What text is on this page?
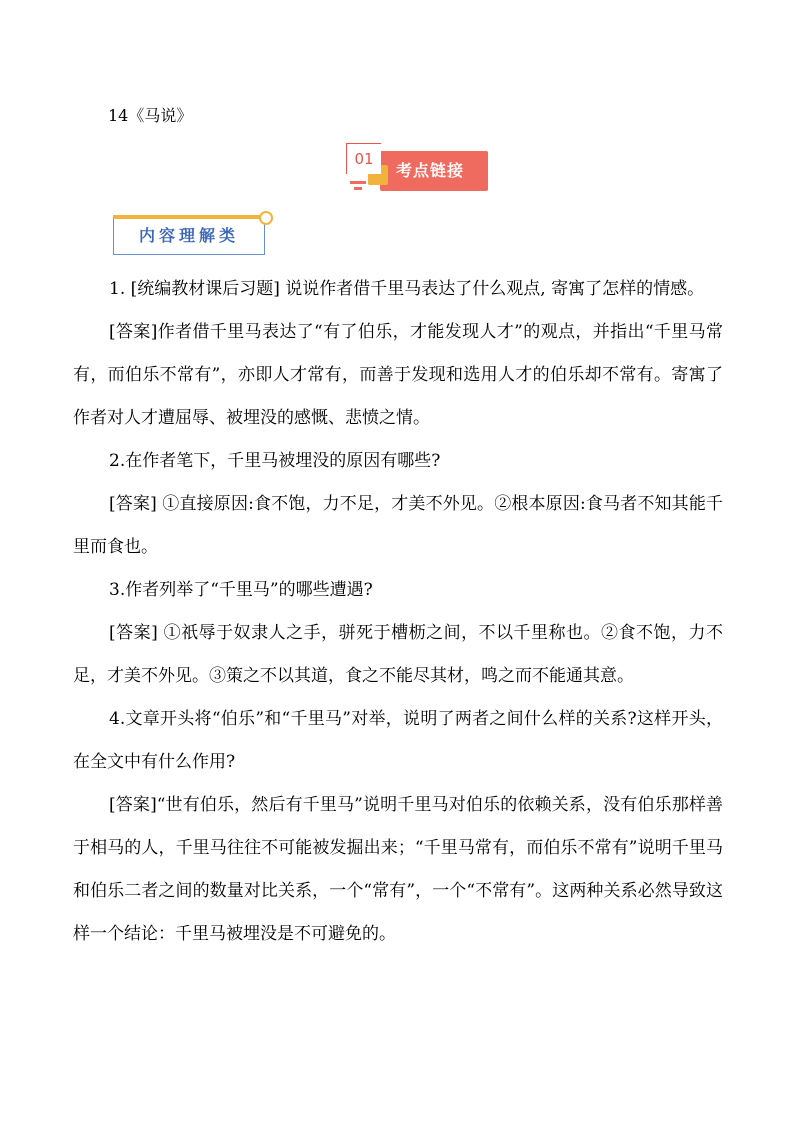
14《马说》
01
考点链接
内容理解类

1. [统编教材课后习题] 说说作者借千里马表达了什么观点, 寄寓了怎样的情感。

[答案]作者借千里马表达了“有了伯乐，才能发现人才”的观点，并指出“千里马常有，而伯乐不常有”，亦即人才常有，而善于发现和选用人才的伯乐却不常有。寄寓了作者对人才遭屈辱、被埋没的感慨、悲愤之情。

2.在作者笔下，千里马被埋没的原因有哪些?

[答案] ①直接原因:食不饱，力不足，才美不外见。②根本原因:食马者不知其能千里而食也。

3.作者列举了“千里马”的哪些遭遇?

[答案] ①祇辱于奴隶人之手，骈死于槽枥之间，不以千里称也。②食不饱，力不足，才美不外见。③策之不以其道，食之不能尽其材，鸣之而不能通其意。

4.文章开头将“伯乐”和“千里马”对举，说明了两者之间什么样的关系?这样开头，在全文中有什么作用?

[答案]“世有伯乐，然后有千里马”说明千里马对伯乐的依赖关系，没有伯乐那样善于相马的人，千里马往往不可能被发掘出来；“千里马常有，而伯乐不常有”说明千里马和伯乐二者之间的数量对比关系，一个“常有”，一个“不常有”。这两种关系必然导致这样一个结论：千里马被埋没是不可避免的。
